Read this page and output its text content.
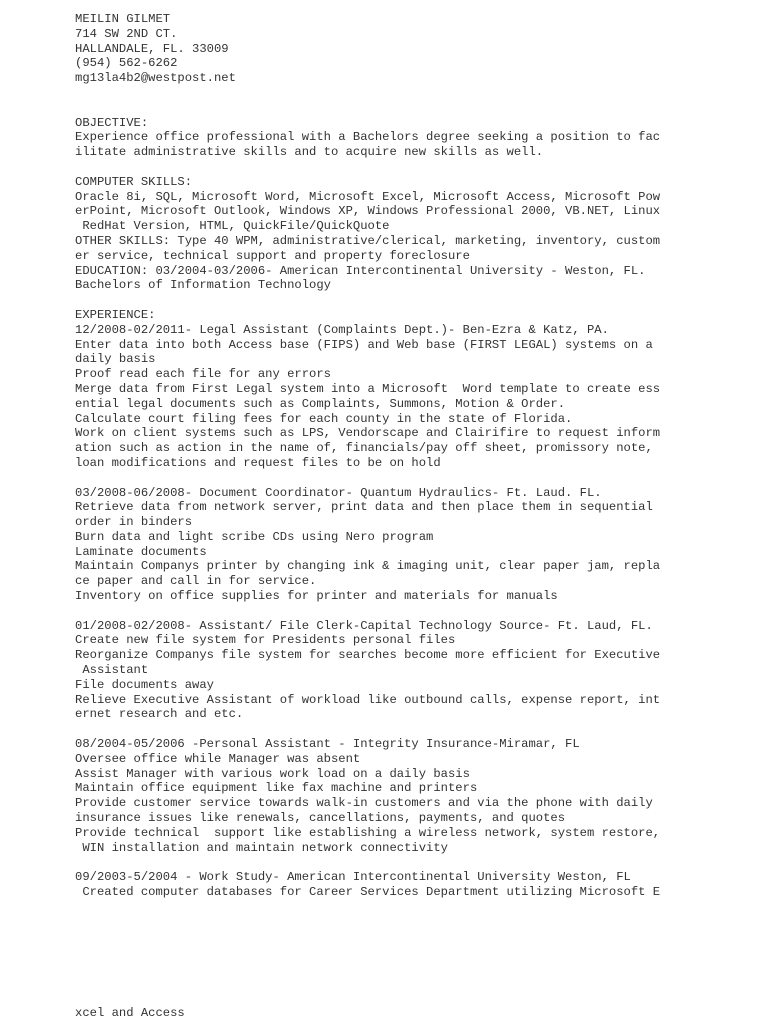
MEILIN GILMET
714 SW 2ND CT.
HALLANDALE, FL. 33009
(954) 562-6262
mg13la4b2@westpost.net
OBJECTIVE:
Experience office professional with a Bachelors degree seeking a position to fac
ilitate administrative skills and to acquire new skills as well.
COMPUTER SKILLS:
Oracle 8i, SQL, Microsoft Word, Microsoft Excel, Microsoft Access, Microsoft Pow
erPoint, Microsoft Outlook, Windows XP, Windows Professional 2000, VB.NET, Linux
RedHat Version, HTML, QuickFile/QuickQuote
OTHER SKILLS: Type 40 WPM, administrative/clerical, marketing, inventory, custom
er service, technical support and property foreclosure
EDUCATION: 03/2004-03/2006- American Intercontinental University - Weston, FL.
Bachelors of Information Technology
EXPERIENCE:
12/2008-02/2011- Legal Assistant (Complaints Dept.)- Ben-Ezra & Katz, PA.
Enter data into both Access base (FIPS) and Web base (FIRST LEGAL) systems on a
daily basis
Proof read each file for any errors
Merge data from First Legal system into a Microsoft  Word template to create ess
ential legal documents such as Complaints, Summons, Motion & Order.
Calculate court filing fees for each county in the state of Florida.
Work on client systems such as LPS, Vendorscape and Clairifire to request inform
ation such as action in the name of, financials/pay off sheet, promissory note,
loan modifications and request files to be on hold
03/2008-06/2008- Document Coordinator- Quantum Hydraulics- Ft. Laud. FL.
Retrieve data from network server, print data and then place them in sequential
order in binders
Burn data and light scribe CDs using Nero program
Laminate documents
Maintain Companys printer by changing ink & imaging unit, clear paper jam, repla
ce paper and call in for service.
Inventory on office supplies for printer and materials for manuals
01/2008-02/2008- Assistant/ File Clerk-Capital Technology Source- Ft. Laud, FL.
Create new file system for Presidents personal files
Reorganize Companys file system for searches become more efficient for Executive
Assistant
File documents away
Relieve Executive Assistant of workload like outbound calls, expense report, int
ernet research and etc.
08/2004-05/2006 -Personal Assistant - Integrity Insurance-Miramar, FL
Oversee office while Manager was absent
Assist Manager with various work load on a daily basis
Maintain office equipment like fax machine and printers
Provide customer service towards walk-in customers and via the phone with daily
insurance issues like renewals, cancellations, payments, and quotes
Provide technical  support like establishing a wireless network, system restore,
WIN installation and maintain network connectivity
09/2003-5/2004 - Work Study- American Intercontinental University Weston, FL
Created computer databases for Career Services Department utilizing Microsoft E
xcel and Access
